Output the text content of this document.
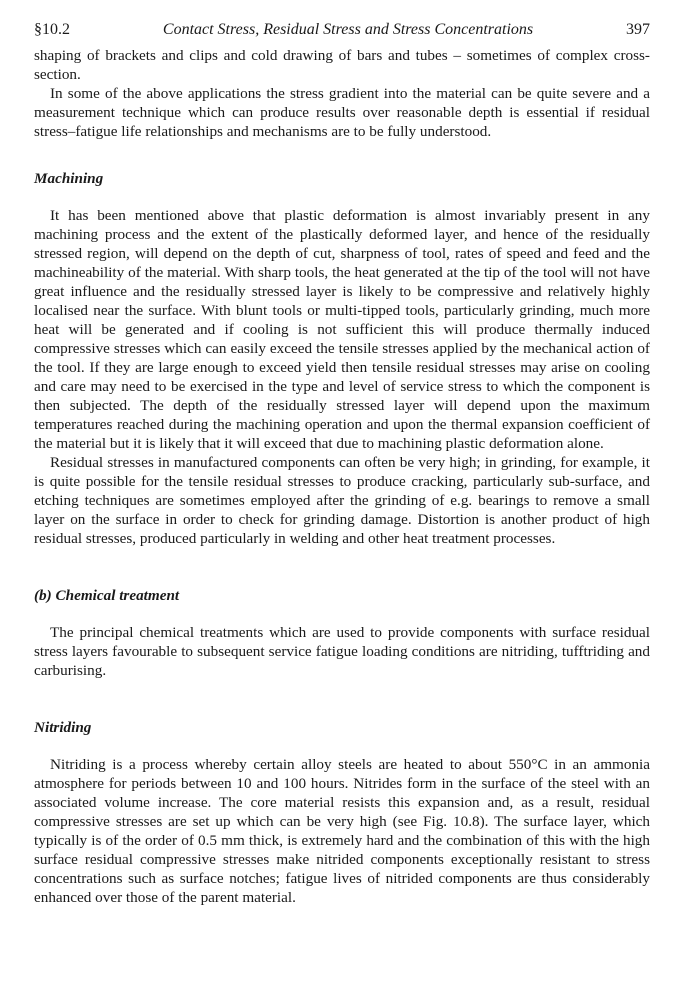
§10.2	Contact Stress, Residual Stress and Stress Concentrations	397

shaping of brackets and clips and cold drawing of bars and tubes – sometimes of complex cross-section.

In some of the above applications the stress gradient into the material can be quite severe and a measurement technique which can produce results over reasonable depth is essential if residual stress–fatigue life relationships and mechanisms are to be fully understood.

Machining

It has been mentioned above that plastic deformation is almost invariably present in any machining process and the extent of the plastically deformed layer, and hence of the residually stressed region, will depend on the depth of cut, sharpness of tool, rates of speed and feed and the machineability of the material. With sharp tools, the heat generated at the tip of the tool will not have great influence and the residually stressed layer is likely to be compressive and relatively highly localised near the surface. With blunt tools or multi-tipped tools, particularly grinding, much more heat will be generated and if cooling is not sufficient this will produce thermally induced compressive stresses which can easily exceed the tensile stresses applied by the mechanical action of the tool. If they are large enough to exceed yield then tensile residual stresses may arise on cooling and care may need to be exercised in the type and level of service stress to which the component is then subjected. The depth of the residually stressed layer will depend upon the maximum temperatures reached during the machining operation and upon the thermal expansion coefficient of the material but it is likely that it will exceed that due to machining plastic deformation alone.

Residual stresses in manufactured components can often be very high; in grinding, for example, it is quite possible for the tensile residual stresses to produce cracking, particularly sub-surface, and etching techniques are sometimes employed after the grinding of e.g. bearings to remove a small layer on the surface in order to check for grinding damage. Distortion is another product of high residual stresses, produced particularly in welding and other heat treatment processes.

(b) Chemical treatment

The principal chemical treatments which are used to provide components with surface residual stress layers favourable to subsequent service fatigue loading conditions are nitriding, tufftriding and carburising.

Nitriding

Nitriding is a process whereby certain alloy steels are heated to about 550°C in an ammonia atmosphere for periods between 10 and 100 hours. Nitrides form in the surface of the steel with an associated volume increase. The core material resists this expansion and, as a result, residual compressive stresses are set up which can be very high (see Fig. 10.8). The surface layer, which typically is of the order of 0.5 mm thick, is extremely hard and the combination of this with the high surface residual compressive stresses make nitrided components exceptionally resistant to stress concentrations such as surface notches; fatigue lives of nitrided components are thus considerably enhanced over those of the parent material.
